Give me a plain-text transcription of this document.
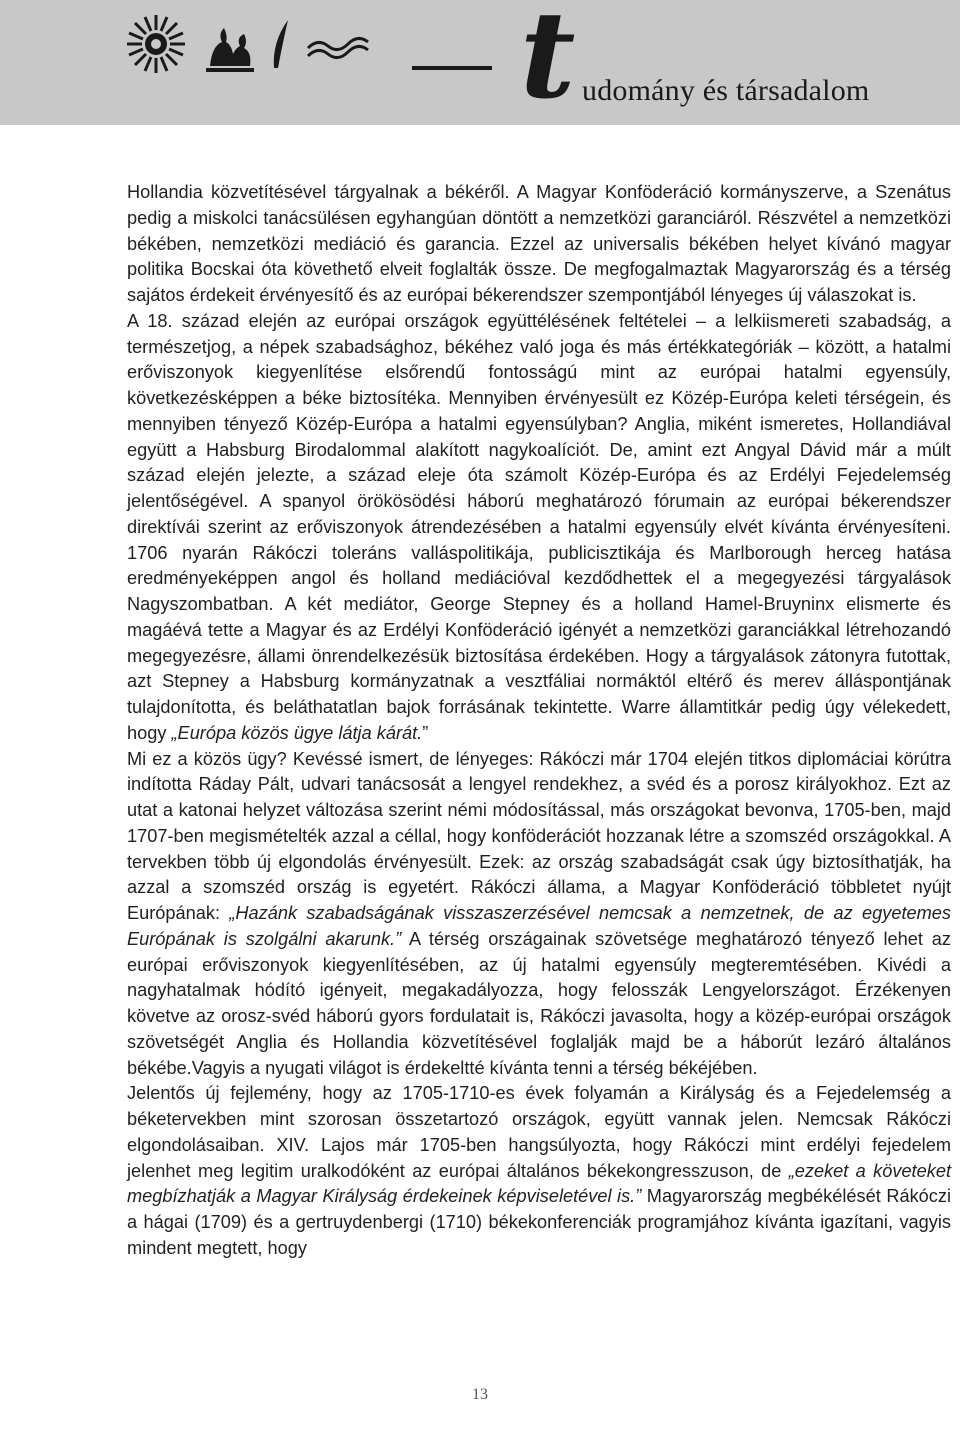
t udomány és társadalom

Hollandia közvetítésével tárgyalnak a békéről. A Magyar Konföderáció kormányszerve, a Szenátus pedig a miskolci tanácsülésen egyhangúan döntött a nemzetközi garanciáról. Részvétel a nemzetközi békében, nemzetközi mediáció és garancia. Ezzel az universalis békében helyet kívánó magyar politika Bocskai óta követhető elveit foglalták össze. De megfogalmaztak Magyarország és a térség sajátos érdekeit érvényesítő és az európai békerendszer szempontjából lényeges új válaszokat is.

A 18. század elején az európai országok együttélésének feltételei – a lelkiismereti szabadság, a természetjog, a népek szabadsághoz, békéhez való joga és más értékkategóriák – között, a hatalmi erőviszonyok kiegyenlítése elsőrendű fontosságú mint az európai hatalmi egyensúly, következésképpen a béke biztosítéka. Mennyiben érvényesült ez Közép-Európa keleti térségein, és mennyiben tényező Közép-Európa a hatalmi egyensúlyban? Anglia, miként ismeretes, Hollandiával együtt a Habsburg Birodalommal alakított nagykoalíciót. De, amint ezt Angyal Dávid már a múlt század elején jelezte, a század eleje óta számolt Közép-Európa és az Erdélyi Fejedelemség jelentőségével. A spanyol örökösödési háború meghatározó fórumain az európai békerendszer direktívái szerint az erőviszonyok átrendezésében a hatalmi egyensúly elvét kívánta érvényesíteni. 1706 nyarán Rákóczi toleráns valláspolitikája, publicisztikája és Marlborough herceg hatása eredményeképpen angol és holland mediációval kezdődhettek el a megegyezési tárgyalások Nagyszombatban. A két mediátor, George Stepney és a holland Hamel-Bruyninx elismerte és magáévá tette a Magyar és az Erdélyi Konföderáció igényét a nemzetközi garanciákkal létrehozandó megegyezésre, állami önrendelkezésük biztosítása érdekében. Hogy a tárgyalások zátonyra futottak, azt Stepney a Habsburg kormányzatnak a vesztfáliai normáktól eltérő és merev álláspontjának tulajdonította, és beláthatatlan bajok forrásának tekintette. Warre államtitkár pedig úgy vélekedett, hogy „Európa közös ügye látja kárát.”

Mi ez a közös ügy? Kevéssé ismert, de lényeges: Rákóczi már 1704 elején titkos diplomáciai körútra indította Ráday Pált, udvari tanácsosát a lengyel rendekhez, a svéd és a porosz királyokhoz. Ezt az utat a katonai helyzet változása szerint némi módosítással, más országokat bevonva, 1705-ben, majd 1707-ben megismételték azzal a céllal, hogy konföderációt hozzanak létre a szomszéd országokkal. A tervekben több új elgondolás érvényesült. Ezek: az ország szabadságát csak úgy biztosíthatják, ha azzal a szomszéd ország is egyetért. Rákóczi állama, a Magyar Konföderáció többletet nyújt Európának: „Hazánk szabadságának visszaszerzésével nemcsak a nemzetnek, de az egyetemes Európának is szolgálni akarunk.” A térség országainak szövetsége meghatározó tényező lehet az európai erőviszonyok kiegyenlítésében, az új hatalmi egyensúly megteremtésében. Kivédi a nagyhatalmak hódító igényeit, megakadályozza, hogy felosszák Lengyelországot. Érzékenyen követve az orosz-svéd háború gyors fordulatait is, Rákóczi javasolta, hogy a közép-európai országok szövetségét Anglia és Hollandia közvetítésével foglalják majd be a háborút lezáró általános békébe.Vagyis a nyugati világot is érdekeltté kívánta tenni a térség békéjében.

Jelentős új fejlemény, hogy az 1705-1710-es évek folyamán a Királyság és a Fejedelemség a béketervekben mint szorosan összetartozó országok, együtt vannak jelen. Nemcsak Rákóczi elgondolásaiban. XIV. Lajos már 1705-ben hangsúlyozta, hogy Rákóczi mint erdélyi fejedelem jelenhet meg legitim uralkodóként az európai általános békekongresszuson, de „ezeket a követeket megbízhatják a Magyar Királyság érdekeinek képviseletével is.” Magyarország megbékélését Rákóczi a hágai (1709) és a gertruydenbergi (1710) békekonferenciák programjához kívánta igazítani, vagyis mindent megtett, hogy

13
